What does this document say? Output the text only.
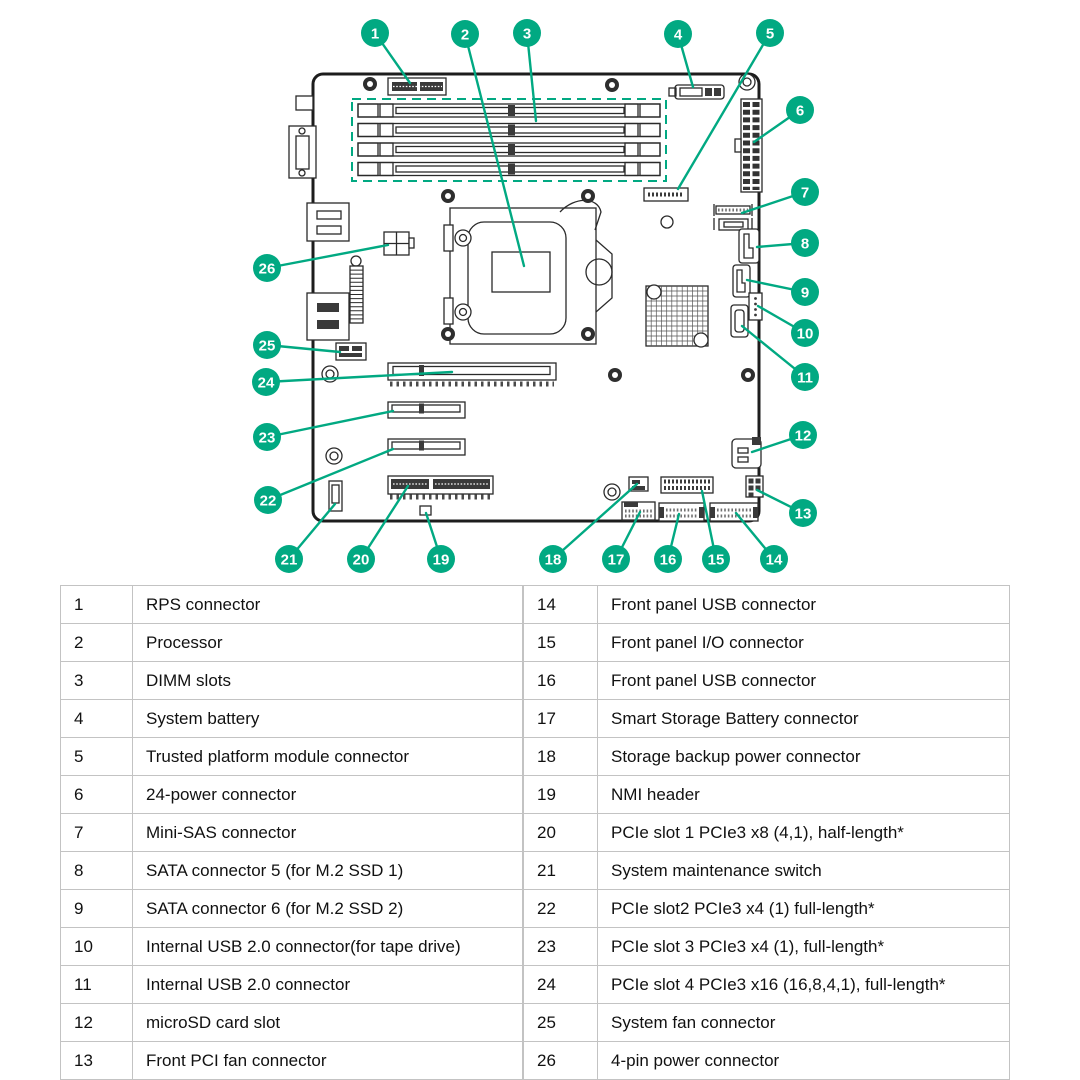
1	2	3	4	5
6
7
8
9
10
11
12
13
14
15
16
17
18
19
20
21
22
23
24
25
26
1	RPS connector
2	Processor
3	DIMM slots
4	System battery
5	Trusted platform module connector
6	24-power connector
7	Mini-SAS connector
8	SATA connector 5 (for M.2 SSD 1)
9	SATA connector 6 (for M.2 SSD 2)
10	Internal USB 2.0 connector(for tape drive)
11	Internal USB 2.0 connector
12	microSD card slot
13	Front PCI fan connector
14	Front panel USB connector
15	Front panel I/O connector
16	Front panel USB connector
17	Smart Storage Battery connector
18	Storage backup power connector
19	NMI header
20	PCIe slot 1 PCIe3 x8 (4,1), half-length*
21	System maintenance switch
22	PCIe slot2 PCIe3 x4 (1) full-length*
23	PCIe slot 3 PCIe3 x4 (1), full-length*
24	PCIe slot 4 PCIe3 x16 (16,8,4,1), full-length*
25	System fan connector
26	4-pin power connector
